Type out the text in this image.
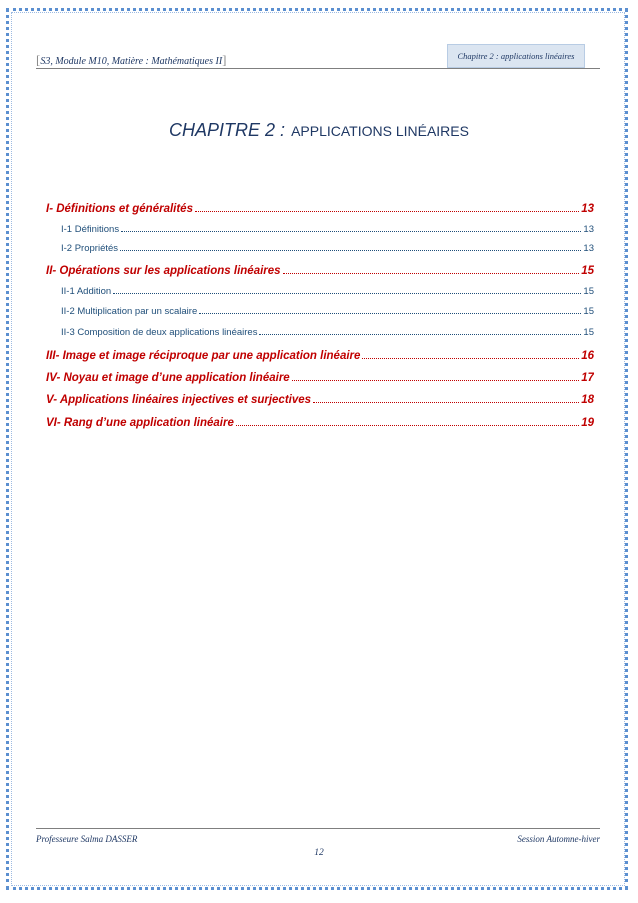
[S3, Module M10, Matière : Mathématiques II]	Chapitre 2 : applications linéaires
CHAPITRE 2 : APPLICATIONS LINÉAIRES
I- Définitions et généralités	13
I-1 Définitions	13
I-2 Propriétés	13
II- Opérations sur les applications linéaires	15
II-1 Addition	15
II-2 Multiplication par un scalaire	15
II-3 Composition de deux applications linéaires	15
III- Image et image réciproque par une application linéaire	16
IV- Noyau et image d’une application linéaire	17
V- Applications linéaires injectives et surjectives	18
VI- Rang d’une application linéaire	19
Professeure Salma DASSER	Session Automne-hiver
12
